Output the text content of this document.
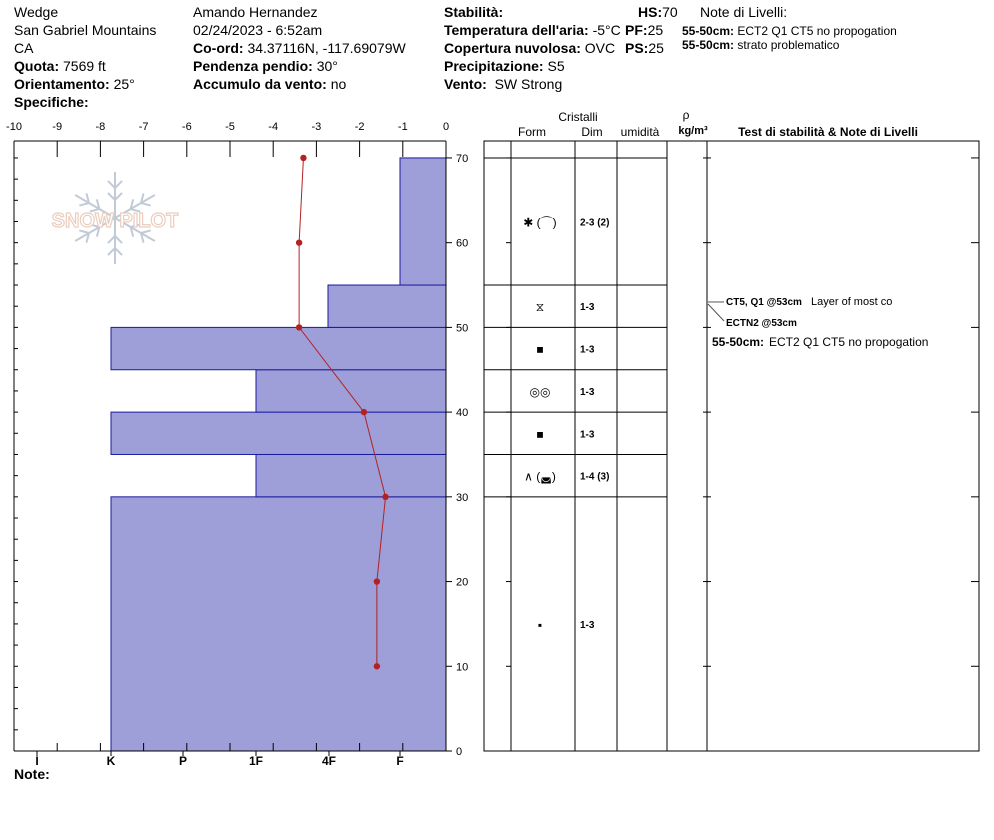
Wedge
San Gabriel Mountains
CA
Quota: 7569 ft
Orientamento: 25°
Specifiche:
Amando Hernandez
02/24/2023 - 6:52am
Co-ord: 34.37116N, -117.69079W
Pendenza pendio: 30°
Accumulo da vento: no
Stabilità:
Temperatura dell'aria: -5°C
Copertura nuvolosa: OVC
Precipitazione: S5
Vento: SW Strong
HS:70
PF:25
PS:25
Note di Livelli:
55-50cm: ECT2 Q1 CT5 no propogation
55-50cm: strato problematico
Note:
SNOW PILOT
-10	-9	-8	-7	-6	-5	-4	-3	-2	-1	0
0
10
20
30
40
50
60
70
I	K	P	1F	4F	F
Cristalli
Form	Dim umidità
ρ
kg/m³	Test di stabilità & Note di Livelli
✱ (⌒) 2-3 (2)
⧖	1-3
■	1-3
◎◎	1-3
■	1-3
∧ (◛) 1-4 (3)
▪	1-3
CT5, Q1 @53cm Layer of most co
ECTN2 @53cm
55-50cm: ECT2 Q1 CT5 no propogation
